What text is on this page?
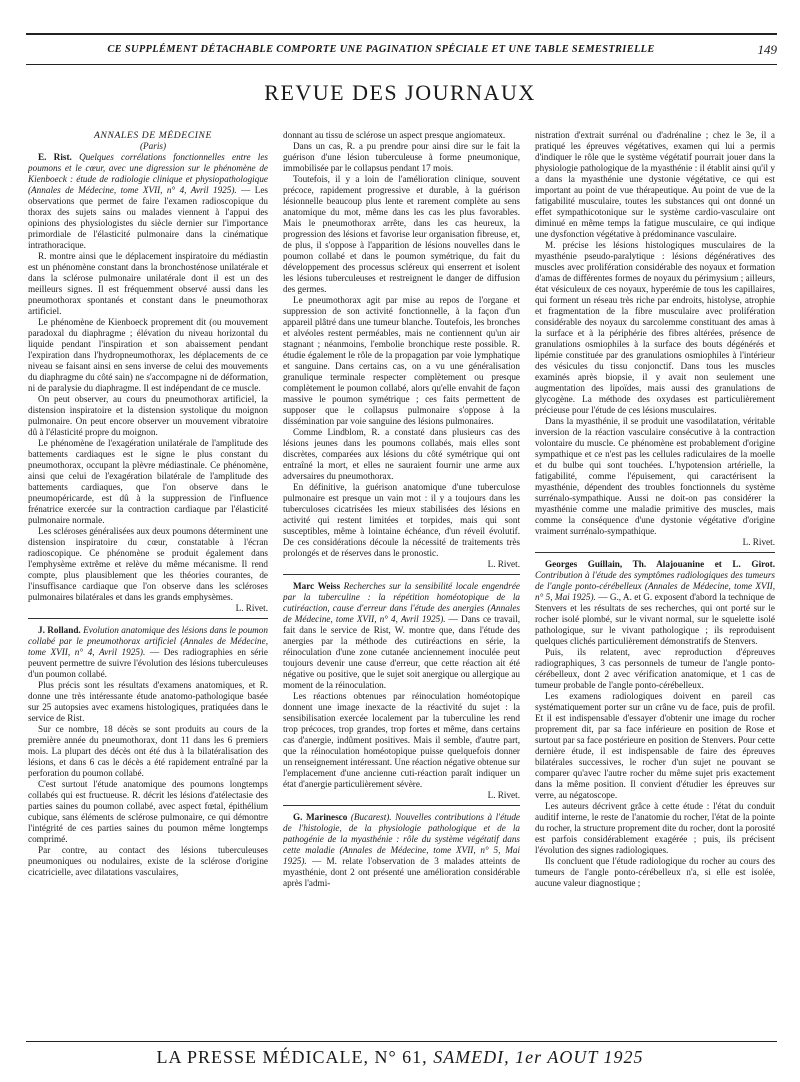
CE SUPPLÉMENT DÉTACHABLE COMPORTE UNE PAGINATION SPÉCIALE ET UNE TABLE SEMESTRIELLE	149
REVUE DES JOURNAUX

ANNALES DE MÉDECINE

(Paris)

E. Rist. Quelques corrélations fonctionnelles entre les poumons et le cœur, avec une digression sur le phénomène de Kienboeck : étude de radiologie clinique et physiopathologique (Annales de Médecine, tome XVII, n° 4, Avril 1925). — Les observations que permet de faire l'examen radioscopique du thorax des sujets sains ou malades viennent à l'appui des opinions des physiologistes du siècle dernier sur l'importance primordiale de l'élasticité pulmonaire dans la cinématique intrathoracique.

R. montre ainsi que le déplacement inspiratoire du médiastin est un phénomène constant dans la bronchosténose unilatérale et dans la sclérose pulmonaire unilatérale dont il est un des meilleurs signes. Il est fréquemment observé aussi dans les pneumothorax spontanés et constant dans le pneumothorax artificiel.

Le phénomène de Kienboeck proprement dit (ou mouvement paradoxal du diaphragme ; élévation du niveau horizontal du liquide pendant l'inspiration et son abaissement pendant l'expiration dans l'hydropneumothorax, les déplacements de ce niveau se faisant ainsi en sens inverse de celui des mouvements du diaphragme du côté sain) ne s'accompagne ni de déformation, ni de paralysie du diaphragme. Il est indépendant de ce muscle.

On peut observer, au cours du pneumothorax artificiel, la distension inspiratoire et la distension systolique du moignon pulmonaire. On peut encore observer un mouvement vibratoire dû à l'élasticité propre du moignon.

Le phénomène de l'exagération unilatérale de l'amplitude des battements cardiaques est le signe le plus constant du pneumothorax, occupant la plèvre médiastinale. Ce phénomène, ainsi que celui de l'exagération bilatérale de l'amplitude des battements cardiaques, que l'on observe dans le pneumopéricarde, est dû à la suppression de l'influence frénatrice exercée sur la contraction cardiaque par l'élasticité pulmonaire normale.

Les scléroses généralisées aux deux poumons déterminent une distension inspiratoire du cœur, constatable à l'écran radioscopique. Ce phénomène se produit également dans l'emphysème extrême et relève du même mécanisme. Il rend compte, plus plausiblement que les théories courantes, de l'insuffisance cardiaque que l'on observe dans les scléroses pulmonaires bilatérales et dans les grands emphysèmes.

L. Rivet.

J. Rolland. Evolution anatomique des lésions dans le poumon collabé par le pneumothorax artificiel (Annales de Médecine, tome XVII, n° 4, Avril 1925). — Des radiographies en série peuvent permettre de suivre l'évolution des lésions tuberculeuses d'un poumon collabé.

Plus précis sont les résultats d'examens anatomiques, et R. donne une très intéressante étude anatomo-pathologique basée sur 25 autopsies avec examens histologiques, pratiquées dans le service de Rist.

Sur ce nombre, 18 décès se sont produits au cours de la première année du pneumothorax, dont 11 dans les 6 premiers mois. La plupart des décès ont été dus à la bilatéralisation des lésions, et dans 6 cas le décès a été rapidement entraîné par la perforation du poumon collabé.

C'est surtout l'étude anatomique des poumons longtemps collabés qui est fructueuse. R. décrit les lésions d'atélectasie des parties saines du poumon collabé, avec aspect fœtal, épithélium cubique, sans éléments de sclérose pulmonaire, ce qui démontre l'intégrité de ces parties saines du poumon même longtemps comprimé.

Par contre, au contact des lésions tuberculeuses pneumoniques ou nodulaires, existe de la sclérose d'origine cicatricielle, avec dilatations vasculaires,

donnant au tissu de sclérose un aspect presque angiomateux.

Dans un cas, R. a pu prendre pour ainsi dire sur le fait la guérison d'une lésion tuberculeuse à forme pneumonique, immobilisée par le collapsus pendant 17 mois.

Toutefois, il y a loin de l'amélioration clinique, souvent précoce, rapidement progressive et durable, à la guérison lésionnelle beaucoup plus lente et rarement complète au sens anatomique du mot, même dans les cas les plus favorables. Mais le pneumothorax arrête, dans les cas heureux, la progression des lésions et favorise leur organisation fibreuse, et, de plus, il s'oppose à l'apparition de lésions nouvelles dans le poumon collabé et dans le poumon symétrique, du fait du développement des processus scléreux qui enserrent et isolent les lésions tuberculeuses et restreignent le danger de diffusion des germes.

Le pneumothorax agit par mise au repos de l'organe et suppression de son activité fonctionnelle, à la façon d'un appareil plâtré dans une tumeur blanche. Toutefois, les bronches et alvéoles restent perméables, mais ne contiennent qu'un air stagnant ; néanmoins, l'embolie bronchique reste possible. R. étudie également le rôle de la propagation par voie lymphatique et sanguine. Dans certains cas, on a vu une généralisation granulique terminale respecter complètement ou presque complètement le poumon collabé, alors qu'elle envahit de façon massive le poumon symétrique ; ces faits permettent de supposer que le collapsus pulmonaire s'oppose à la dissémination par voie sanguine des lésions pulmonaires.

Comme Lindblom, R. a constaté dans plusieurs cas des lésions jeunes dans les poumons collabés, mais elles sont discrètes, comparées aux lésions du côté symétrique qui ont entraîné la mort, et elles ne sauraient fournir une arme aux adversaires du pneumothorax.

En définitive, la guérison anatomique d'une tuberculose pulmonaire est presque un vain mot : il y a toujours dans les tuberculoses cicatrisées les mieux stabilisées des lésions en activité qui restent limitées et torpides, mais qui sont susceptibles, même à lointaine échéance, d'un réveil évolutif. De ces considérations découle la nécessité de traitements très prolongés et de réserves dans le pronostic.

L. Rivet.

Marc Weiss Recherches sur la sensibilité locale engendrée par la tuberculine : la répétition homéotopique de la cutiréaction, cause d'erreur dans l'étude des anergies (Annales de Médecine, tome XVII, n° 4, Avril 1925). — Dans ce travail, fait dans le service de Rist, W. montre que, dans l'étude des anergies par la méthode des cutiréactions en série, la réinoculation d'une zone cutanée anciennement inoculée peut toujours devenir une cause d'erreur, que cette réaction ait été négative ou positive, que le sujet soit anergique ou allergique au moment de la réinoculation.

Les réactions obtenues par réinoculation homéotopique donnent une image inexacte de la réactivité du sujet : la sensibilisation exercée localement par la tuberculine les rend trop précoces, trop grandes, trop fortes et même, dans certains cas d'anergie, indûment positives. Mais il semble, d'autre part, que la réinoculation homéotopique puisse quelquefois donner un renseignement intéressant. Une réaction négative obtenue sur l'emplacement d'une ancienne cuti-réaction paraît indiquer un état d'anergie particulièrement sévère.

L. Rivet.

G. Marinesco (Bucarest). Nouvelles contributions à l'étude de l'histologie, de la physiologie pathologique et de la pathogénie de la myasthénie : rôle du système végétatif dans cette maladie (Annales de Médecine, tome XVII, n° 5, Mai 1925). — M. relate l'observation de 3 malades atteints de myasthénie, dont 2 ont présenté une amélioration considérable après l'admi-

nistration d'extrait surrénal ou d'adrénaline ; chez le 3e, il a pratiqué les épreuves végétatives, examen qui lui a permis d'indiquer le rôle que le système végétatif pourrait jouer dans la physiologie pathologique de la myasthénie : il établit ainsi qu'il y a dans la myasthénie une dystonie végétative, ce qui est important au point de vue thérapeutique. Au point de vue de la fatigabilité musculaire, toutes les substances qui ont donné un effet sympathicotonique sur le système cardio-vasculaire ont diminué en même temps la fatigue musculaire, ce qui indique une dysfonction végétative à prédominance vasculaire.

M. précise les lésions histologiques musculaires de la myasthénie pseudo-paralytique : lésions dégénératives des muscles avec prolifération considérable des noyaux et formation d'amas de différentes formes de noyaux du périmysium ; ailleurs, état vésiculeux de ces noyaux, hyperémie de tous les capillaires, qui forment un réseau très riche par endroits, histolyse, atrophie et fragmentation de la fibre musculaire avec prolifération considérable des noyaux du sarcolemme constituant des amas à la surface et à la périphérie des fibres altérées, présence de granulations osmiophiles à la surface des bouts dégénérés et lipémie constituée par des granulations osmiophiles à l'intérieur des vésicules du tissu conjonctif. Dans tous les muscles examinés après biopsie, il y avait non seulement une augmentation des lipoïdes, mais aussi des granulations de glycogène. La méthode des oxydases est particulièrement précieuse pour l'étude de ces lésions musculaires.

Dans la myasthénie, il se produit une vasodilatation, véritable inversion de la réaction vasculaire consécutive à la contraction volontaire du muscle. Ce phénomène est probablement d'origine sympathique et ce n'est pas les cellules radiculaires de la moelle et du bulbe qui sont touchées. L'hypotension artérielle, la fatigabilité, comme l'épuisement, qui caractérisent la myasthénie, dépendent des troubles fonctionnels du système surrénalo-sympathique. Aussi ne doit-on pas considérer la myasthénie comme une maladie primitive des muscles, mais comme la conséquence d'une dystonie végétative d'origine vraiment surrénalo-sympathique.

L. Rivet.

Georges Guillain, Th. Alajouanine et L. Girot. Contribution à l'étude des symptômes radiologiques des tumeurs de l'angle ponto-cérébelleux (Annales de Médecine, tome XVII, n° 5, Mai 1925). — G., A. et G. exposent d'abord la technique de Stenvers et les résultats de ses recherches, qui ont porté sur le rocher isolé plombé, sur le vivant normal, sur le squelette isolé pathologique, sur le vivant pathologique ; ils reproduisent quelques clichés particulièrement démonstratifs de Stenvers.

Puis, ils relatent, avec reproduction d'épreuves radiographiques, 3 cas personnels de tumeur de l'angle ponto-cérébelleux, dont 2 avec vérification anatomique, et 1 cas de tumeur probable de l'angle ponto-cérébelleux.

Les examens radiologiques doivent en pareil cas systématiquement porter sur un crâne vu de face, puis de profil. Et il est indispensable d'essayer d'obtenir une image du rocher proprement dit, par sa face inférieure en position de Rose et surtout par sa face postérieure en position de Stenvers. Pour cette dernière étude, il est indispensable de faire des épreuves bilatérales successives, le rocher d'un sujet ne pouvant se comparer qu'avec l'autre rocher du même sujet pris exactement dans la même position. Il convient d'étudier les épreuves sur verre, au négatoscope.

Les auteurs décrivent grâce à cette étude : l'état du conduit auditif interne, le reste de l'anatomie du rocher, l'état de la pointe du rocher, la structure proprement dite du rocher, dont la porosité est parfois considérablement exagérée ; puis, ils précisent l'évolution des signes radiologiques.

Ils concluent que l'étude radiologique du rocher au cours des tumeurs de l'angle ponto-cérébelleux n'a, si elle est isolée, aucune valeur diagnostique ;

LA PRESSE MÉDICALE, N° 61, SAMEDI, 1er AOUT 1925
